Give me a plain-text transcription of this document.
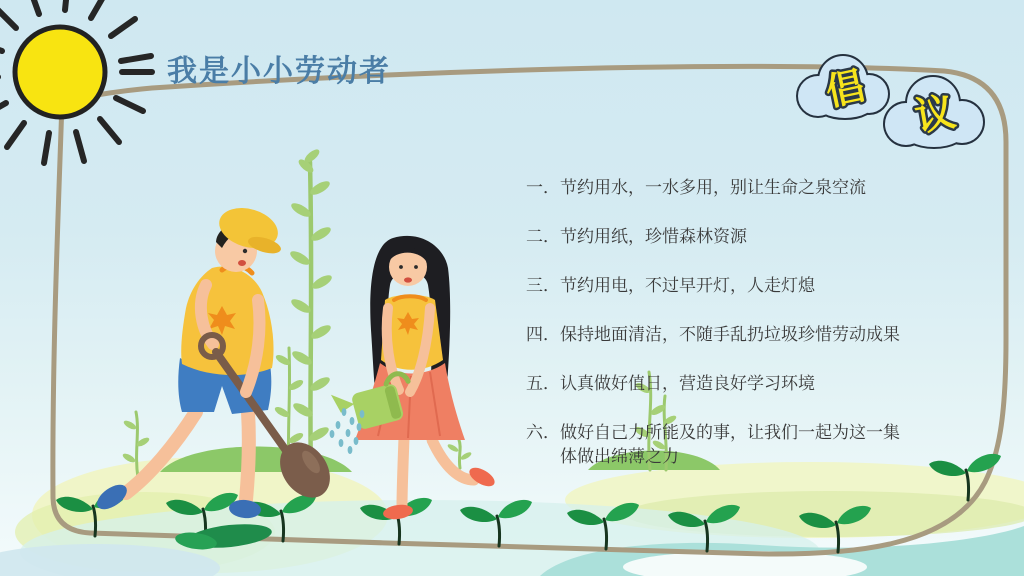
倡 议
我是小小劳动者
一． 节约用水，一水多用，别让生命之泉空流
二． 节约用纸，珍惜森林资源
三． 节约用电，不过早开灯，人走灯熄
四． 保持地面清洁，不随手乱扔垃圾珍惜劳动成果
五． 认真做好值日，营造良好学习环境
六． 做好自己力所能及的事，让我们一起为这一集体做出绵薄之力
